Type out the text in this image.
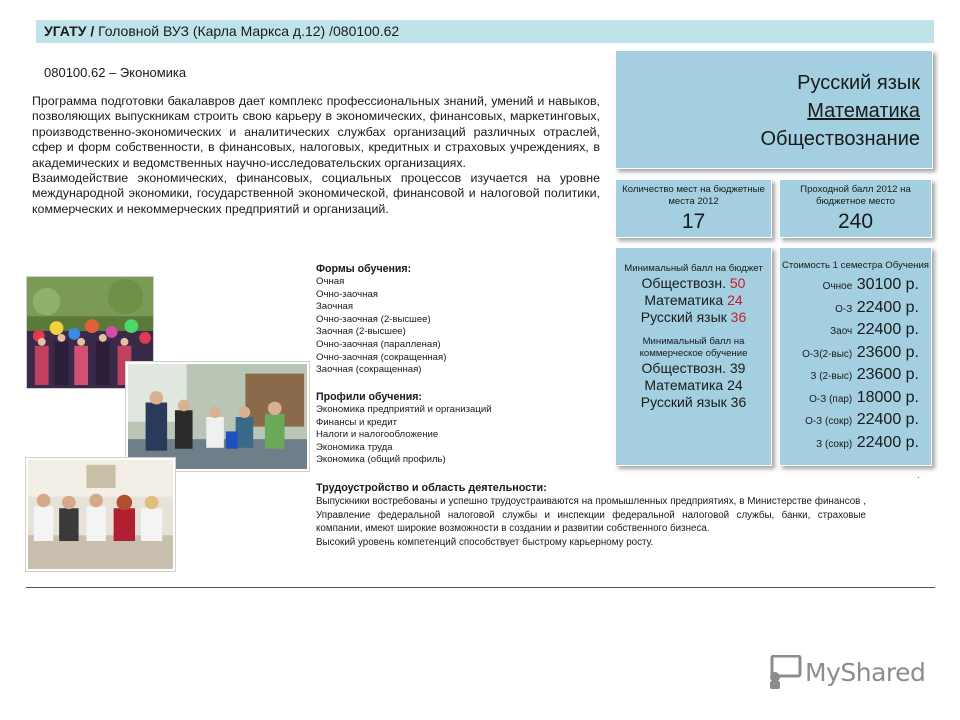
УГАТУ / Головной ВУЗ (Карла Маркса д.12) /080100.62
080100.62 – Экономика

Программа подготовки бакалавров дает комплекс профессиональных знаний, умений и навыков, позволяющих выпускникам строить свою карьеру в экономических, финансовых, маркетинговых, производственно-экономических и аналитических службах организаций различных отраслей, сфер и форм собственности, в финансовых, налоговых, кредитных и страховых учреждениях, в академических и ведомственных научно-исследовательских организациях.

Взаимодействие экономических, финансовых, социальных процессов изучается на уровне международной экономики, государственной экономической, финансовой и налоговой политики, коммерческих и некоммерческих предприятий и организаций.

Формы обучения:
Очная
Очно-заочная
Заочная
Очно-заочная (2-высшее)
Заочная (2-высшее)
Очно-заочная (паралленая)
Очно-заочная (сокращенная)
Заочная (сокращенная)
Профили обучения:
Экономика предприятий и организаций
Финансы и кредит
Налоги и налогообложение
Экономика труда
Экономика (общий профиль)
Трудоустройство и область деятельности:

Выпускники востребованы и успешно трудоустраиваются на промышленных предприятиях, в Министерстве финансов , Управление федеральной налоговой службы и инспекции федеральной налоговой службы, банки, страховые компании, имеют широкие возможности в создании и развитии собственного бизнеса.

Высокий уровень компетенций способствует быстрому карьерному росту.

Русский язык
Математика
Обществознание
Количество мест на бюджетные места 2012
17
Проходной балл 2012 на бюджетное место
240
Минимальный балл на бюджет
Обществозн. 50
Математика 24
Русский язык 36
Минимальный балл на коммерческое обучение
Обществозн. 39
Математика 24
Русский язык 36
Стоимость 1 семестра Обучения
Очное 30100 р.
О-З 22400 р.
Заоч 22400 р.
О-З(2-выс) 23600 р.
З (2-выс) 23600 р.
О-З (пар) 18000 р.
О-З (сокр) 22400 р.
З (сокр) 22400 р.
.
MyShared
